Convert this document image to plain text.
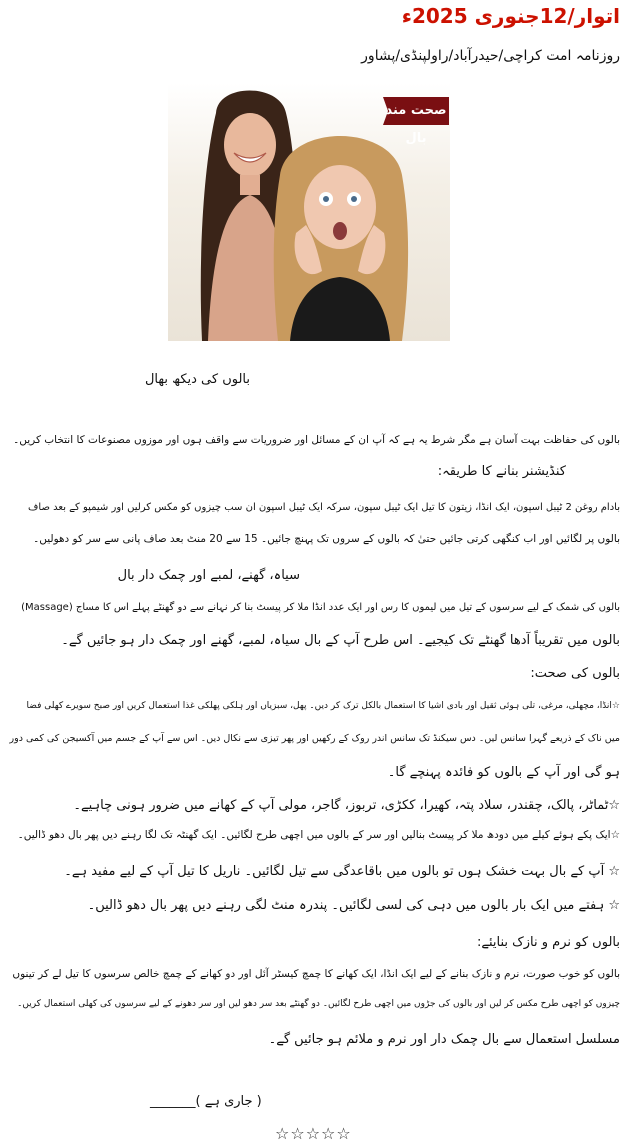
اتوار/12جنوری 2025ء
روزنامہ امت کراچی/حیدرآباد/راولپنڈی/پشاور
صحت مند بال
بالوں کی دیکھ بھال
بالوں کی حفاظت بہت آسان ہے مگر شرط یہ ہے کہ آپ ان کے مسائل اور ضروریات سے واقف ہوں اور موزوں مصنوعات کا انتخاب کریں۔
کنڈیشنر بنانے کا طریقہ:
بادام روغن 2 ٹیبل اسپون، ایک انڈا، زیتون کا تیل ایک ٹیبل سپون، سرکہ ایک ٹیبل اسپون ان سب چیزوں کو مکس کرلیں اور شیمپو کے بعد صاف
بالوں پر لگائیں اور اب کنگھی کرتی جائیں حتیٰ کہ بالوں کے سروں تک پہنچ جائیں۔ 15 سے 20 منٹ بعد صاف پانی سے سر کو دھولیں۔
سیاہ، گھنے، لمبے اور چمک دار بال
بالوں کی شمک کے لیے سرسوں کے تیل میں لیموں کا رس اور ایک عدد انڈا ملا کر پیسٹ بنا کر نہانے سے دو گھنٹے پہلے اس کا مساج (Massage)
بالوں میں تقریباً آدھا گھنٹے تک کیجیے۔ اس طرح آپ کے بال سیاہ، لمبے، گھنے اور چمک دار ہو جائیں گے۔
بالوں کی صحت:
☆انڈا، مچھلی، مرغی، تلی ہوئی ثقیل اور بادی اشیا کا استعمال بالکل ترک کر دیں۔ پھل، سبزیاں اور ہلکی پھلکی غذا استعمال کریں اور صبح سویرے کھلی فضا
میں ناک کے ذریعے گہرا سانس لیں۔ دس سیکنڈ تک سانس اندر روک کے رکھیں اور پھر تیزی سے نکال دیں۔ اس سے آپ کے جسم میں آکسیجن کی کمی دور
ہو گی اور آپ کے بالوں کو فائدہ پہنچے گا۔
☆ٹماٹر، پالک، چقندر، سلاد پتہ، کھیرا، ککڑی، تربوز، گاجر، مولی آپ کے کھانے میں ضرور ہونی چاہیے۔
☆ایک پکے ہوئے کیلے میں دودھ ملا کر پیسٹ بنالیں اور سر کے بالوں میں اچھی طرح لگائیں۔ ایک گھنٹہ تک لگا رہنے دیں پھر بال دھو ڈالیں۔
☆ آپ کے بال بہت خشک ہوں تو بالوں میں باقاعدگی سے تیل لگائیں۔ ناریل کا تیل آپ کے لیے مفید ہے۔
☆ ہفتے میں ایک بار بالوں میں دہی کی لسی لگائیں۔ پندرہ منٹ لگی رہنے دیں پھر بال دھو ڈالیں۔
بالوں کو نرم و نازک بنایئے:
بالوں کو خوب صورت، نرم و نازک بنانے کے لیے ایک انڈا، ایک کھانے کا چمچ کیسٹر آئل اور دو کھانے کے چمچ خالص سرسوں کا تیل لے کر تینوں
چیزوں کو اچھی طرح مکس کر لیں اور بالوں کی جڑوں میں اچھی طرح لگائیں۔ دو گھنٹے بعد سر دھو لیں اور سر دھونے کے لیے سرسوں کی کھلی استعمال کریں۔
مسلسل استعمال سے بال چمک دار اور نرم و ملائم ہو جائیں گے۔
( جاری ہے )_______
☆☆☆☆☆
